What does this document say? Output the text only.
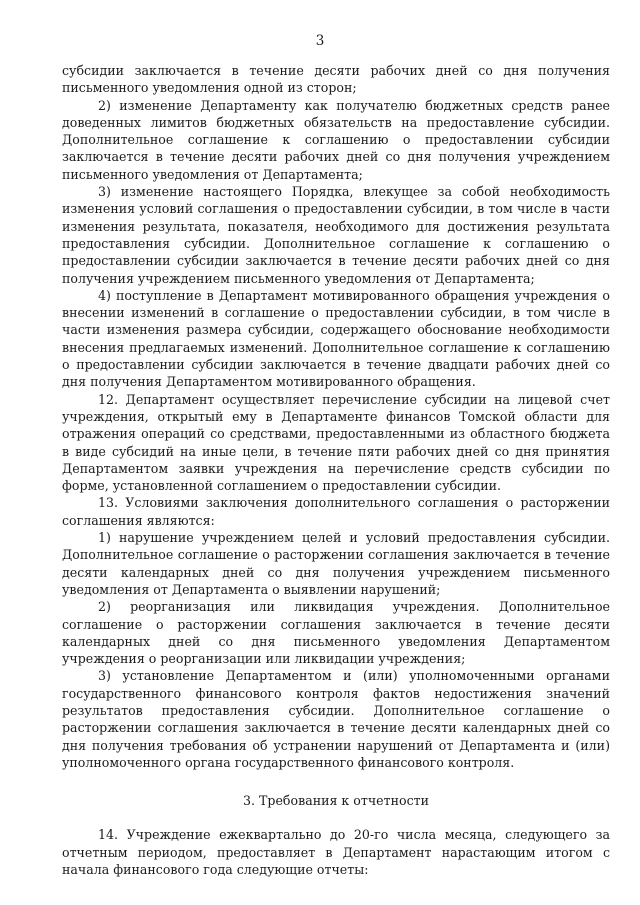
3

субсидии заключается в течение десяти рабочих дней со дня получения письменного уведомления одной из сторон;

2) изменение Департаменту как получателю бюджетных средств ранее доведенных лимитов бюджетных обязательств на предоставление субсидии. Дополнительное соглашение к соглашению о предоставлении субсидии заключается в течение десяти рабочих дней со дня получения учреждением письменного уведомления от Департамента;

3) изменение настоящего Порядка, влекущее за собой необходимость изменения условий соглашения о предоставлении субсидии, в том числе в части изменения результата, показателя, необходимого для достижения результата предоставления субсидии. Дополнительное соглашение к соглашению о предоставлении субсидии заключается в течение десяти рабочих дней со дня получения учреждением письменного уведомления от Департамента;

4) поступление в Департамент мотивированного обращения учреждения о внесении изменений в соглашение о предоставлении субсидии, в том числе в части изменения размера субсидии, содержащего обоснование необходимости внесения предлагаемых изменений. Дополнительное соглашение к соглашению о предоставлении субсидии заключается в течение двадцати рабочих дней со дня получения Департаментом мотивированного обращения.

12. Департамент осуществляет перечисление субсидии на лицевой счет учреждения, открытый ему в Департаменте финансов Томской области для отражения операций со средствами, предоставленными из областного бюджета в виде субсидий на иные цели, в течение пяти рабочих дней со дня принятия Департаментом заявки учреждения на перечисление средств субсидии по форме, установленной соглашением о предоставлении субсидии.

13. Условиями заключения дополнительного соглашения о расторжении соглашения являются:

1) нарушение учреждением целей и условий предоставления субсидии. Дополнительное соглашение о расторжении соглашения заключается в течение десяти календарных дней со дня получения учреждением письменного уведомления от Департамента о выявлении нарушений;

2) реорганизация или ликвидация учреждения. Дополнительное соглашение о расторжении соглашения заключается в течение десяти календарных дней со дня письменного уведомления Департаментом учреждения о реорганизации или ликвидации учреждения;

3) установление Департаментом и (или) уполномоченными органами государственного финансового контроля фактов недостижения значений результатов предоставления субсидии. Дополнительное соглашение о расторжении соглашения заключается в течение десяти календарных дней со дня получения требования об устранении нарушений от Департамента и (или) уполномоченного органа государственного финансового контроля.

3. Требования к отчетности

14. Учреждение ежеквартально до 20-го числа месяца, следующего за отчетным периодом, предоставляет в Департамент нарастающим итогом с начала финансового года следующие отчеты:
